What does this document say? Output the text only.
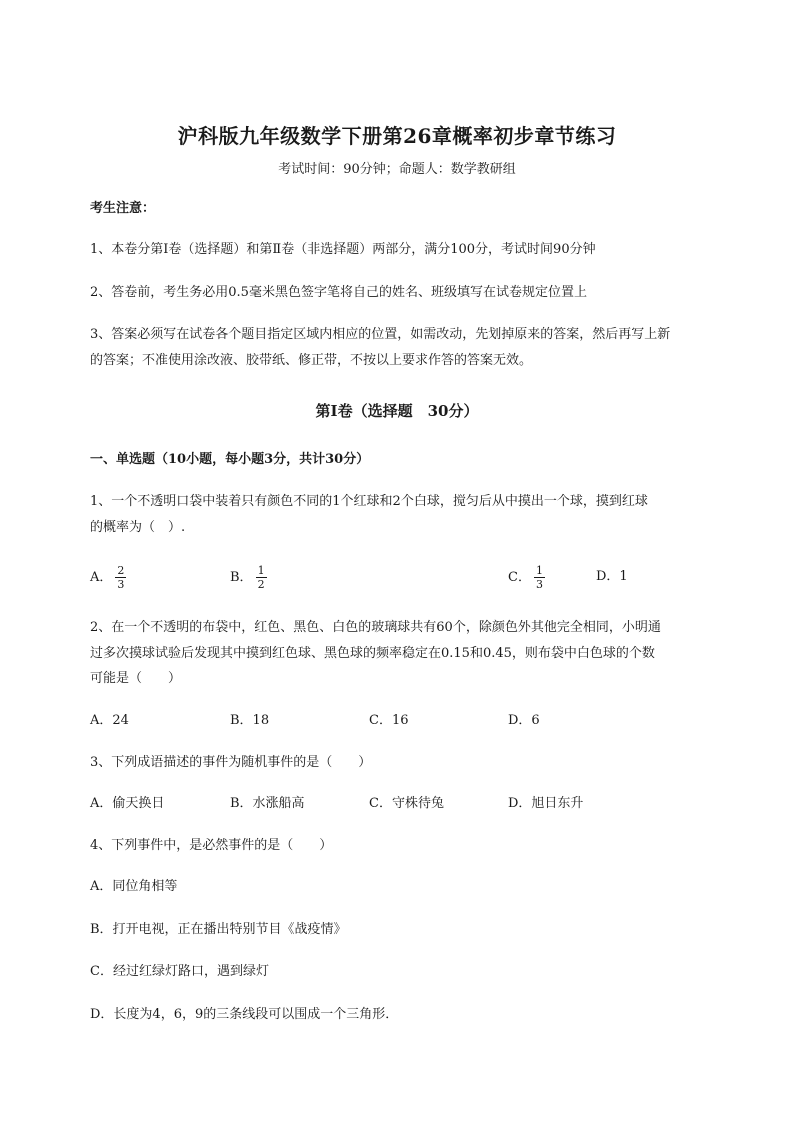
沪科版九年级数学下册第26章概率初步章节练习
考试时间：90分钟；命题人：数学教研组
考生注意：
1、本卷分第I卷（选择题）和第Ⅱ卷（非选择题）两部分，满分100分，考试时间90分钟
2、答卷前，考生务必用0.5毫米黑色签字笔将自己的姓名、班级填写在试卷规定位置上
3、答案必须写在试卷各个题目指定区域内相应的位置，如需改动，先划掉原来的答案，然后再写上新
的答案；不准使用涂改液、胶带纸、修正带，不按以上要求作答的答案无效。
第I卷（选择题　30分）
一、单选题（10小题，每小题3分，共计30分）
1、一个不透明口袋中装着只有颜色不同的1个红球和2个白球，搅匀后从中摸出一个球，摸到红球
的概率为（　）.
A． $\frac{2}{3}$	B． $\frac{1}{2}$	C． $\frac{1}{3}$	D．1
2、在一个不透明的布袋中，红色、黑色、白色的玻璃球共有60个，除颜色外其他完全相同，小明通
过多次摸球试验后发现其中摸到红色球、黑色球的频率稳定在0.15和0.45，则布袋中白色球的个数
可能是（　　）
A．24	B．18	C．16	D．6
3、下列成语描述的事件为随机事件的是（　　）
A．偷天换日	B．水涨船高	C．守株待兔	D．旭日东升
4、下列事件中，是必然事件的是（　　）
A．同位角相等
B．打开电视，正在播出特别节目《战疫情》
C．经过红绿灯路口，遇到绿灯
D．长度为4，6，9的三条线段可以围成一个三角形．
